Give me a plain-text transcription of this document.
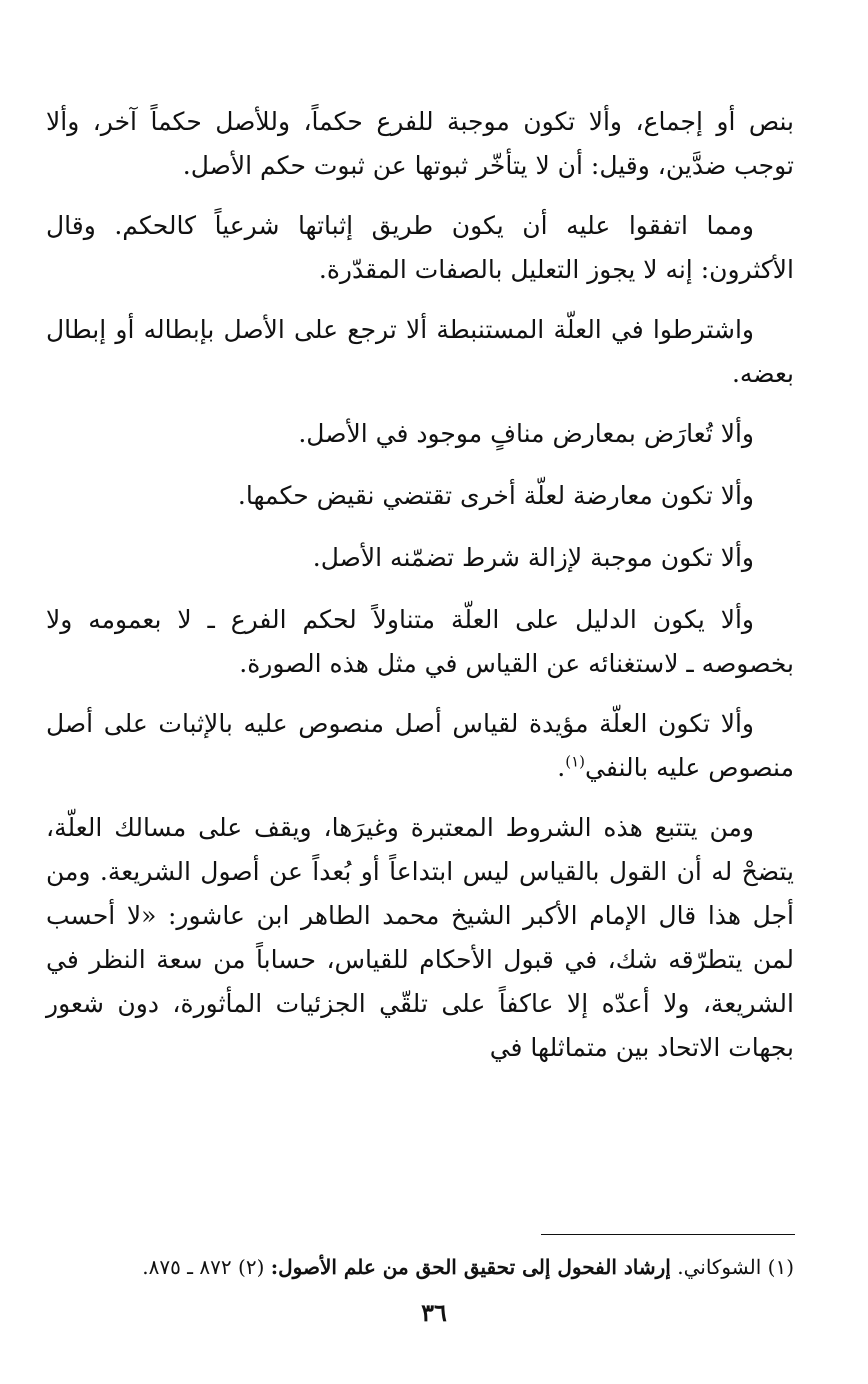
بنص أو إجماع، وألا تكون موجبة للفرع حكماً، وللأصل حكماً آخر، وألا توجب ضدَّين، وقيل: أن لا يتأخّر ثبوتها عن ثبوت حكم الأصل.

ومما اتفقوا عليه أن يكون طريق إثباتها شرعياً كالحكم. وقال الأكثرون: إنه لا يجوز التعليل بالصفات المقدّرة.

واشترطوا في العلّة المستنبطة ألا ترجع على الأصل بإبطاله أو إبطال بعضه.

وألا تُعارَض بمعارض منافٍ موجود في الأصل.

وألا تكون معارضة لعلّة أخرى تقتضي نقيض حكمها.

وألا تكون موجبة لإزالة شرط تضمّنه الأصل.

وألا يكون الدليل على العلّة متناولاً لحكم الفرع ـ لا بعمومه ولا بخصوصه ـ لاستغنائه عن القياس في مثل هذه الصورة.

وألا تكون العلّة مؤيدة لقياس أصل منصوص عليه بالإثبات على أصل منصوص عليه بالنفي$^{(١)}$.

ومن يتتبع هذه الشروط المعتبرة وغيرَها، ويقف على مسالك العلّة، يتضحْ له أن القول بالقياس ليس ابتداعاً أو بُعداً عن أصول الشريعة. ومن أجل هذا قال الإمام الأكبر الشيخ محمد الطاهر ابن عاشور: «لا أحسب لمن يتطرّقه شك، في قبول الأحكام للقياس، حساباً من سعة النظر في الشريعة، ولا أعدّه إلا عاكفاً على تلقّي الجزئيات المأثورة، دون شعور بجهات الاتحاد بين متماثلها في

(١) الشوكاني. إرشاد الفحول إلى تحقيق الحق من علم الأصول: (٢) ٨٧٢ ـ ٨٧٥.
٣٦
